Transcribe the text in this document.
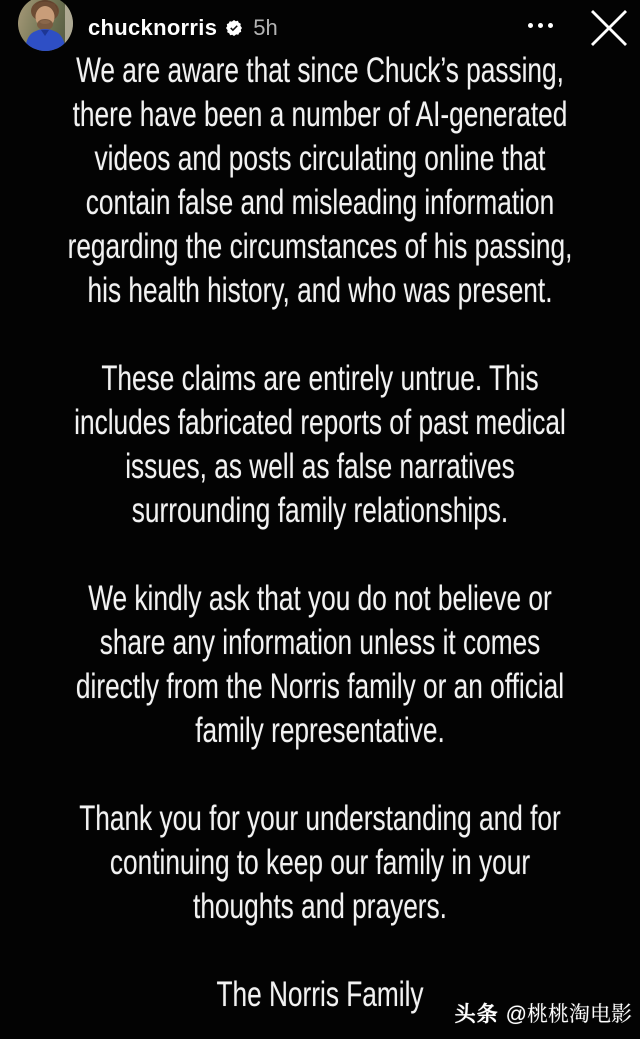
chucknorris 5h
We are aware that since Chuck’s passing,
there have been a number of AI-generated
videos and posts circulating online that
contain false and misleading information
regarding the circumstances of his passing,
his health history, and who was present.
These claims are entirely untrue. This
includes fabricated reports of past medical
issues, as well as false narratives
surrounding family relationships.
We kindly ask that you do not believe or
share any information unless it comes
directly from the Norris family or an official
family representative.
Thank you for your understanding and for
continuing to keep our family in your
thoughts and prayers.
The Norris Family
头条 @桃桃淘电影
